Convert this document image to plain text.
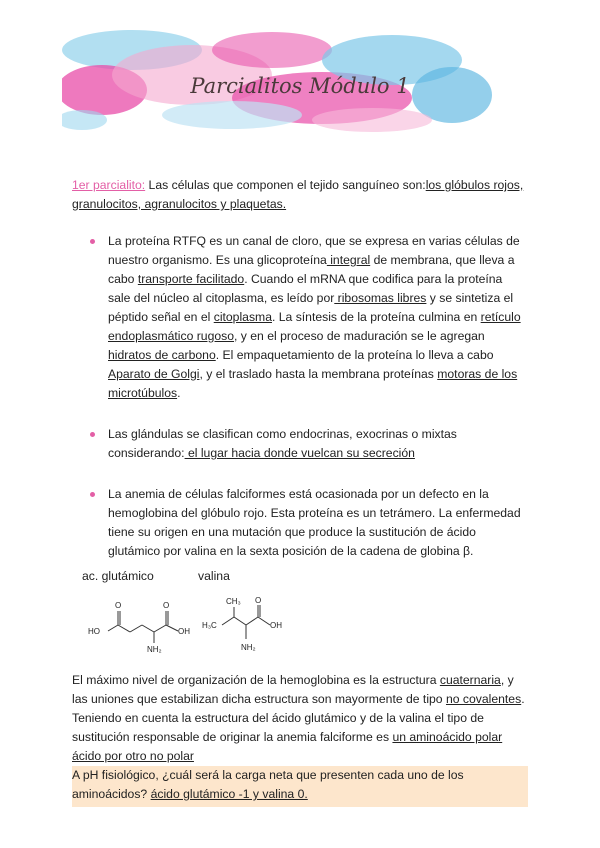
Parcialitos Módulo 1

1er parcialito: Las células que componen el tejido sanguíneo son:los glóbulos rojos, granulocitos, agranulocitos y plaquetas.

La proteína RTFQ es un canal de cloro, que se expresa en varias células de nuestro organismo. Es una glicoproteína integral de membrana, que lleva a cabo transporte facilitado. Cuando el mRNA que codifica para la proteína sale del núcleo al citoplasma, es leído por ribosomas libres y se sintetiza el péptido señal en el citoplasma. La síntesis de la proteína culmina en retículo endoplasmático rugoso, y en el proceso de maduración se le agregan hidratos de carbono. El empaquetamiento de la proteína lo lleva a cabo Aparato de Golgi, y el traslado hasta la membrana proteínas motoras de los microtúbulos.
Las glándulas se clasifican como endocrinas, exocrinas o mixtas considerando: el lugar hacia donde vuelcan su secreción
La anemia de células falciformes está ocasionada por un defecto en la hemoglobina del glóbulo rojo. Esta proteína es un tetrámero. La enfermedad tiene su origen en una mutación que produce la sustitución de ácido glutámico por valina en la sexta posición de la cadena de globina β.
ac. glutámico	valina
HO
O	O
OH
NH₂
CH₃
H₃C
O
OH
NH₂

El máximo nivel de organización de la hemoglobina es la estructura cuaternaria, y las uniones que estabilizan dicha estructura son mayormente de tipo no covalentes. Teniendo en cuenta la estructura del ácido glutámico y de la valina el tipo de sustitución responsable de originar la anemia falciforme es un aminoácido polar ácido por otro no polar

A pH fisiológico, ¿cuál será la carga neta que presenten cada uno de los aminoácidos? ácido glutámico -1 y valina 0.
